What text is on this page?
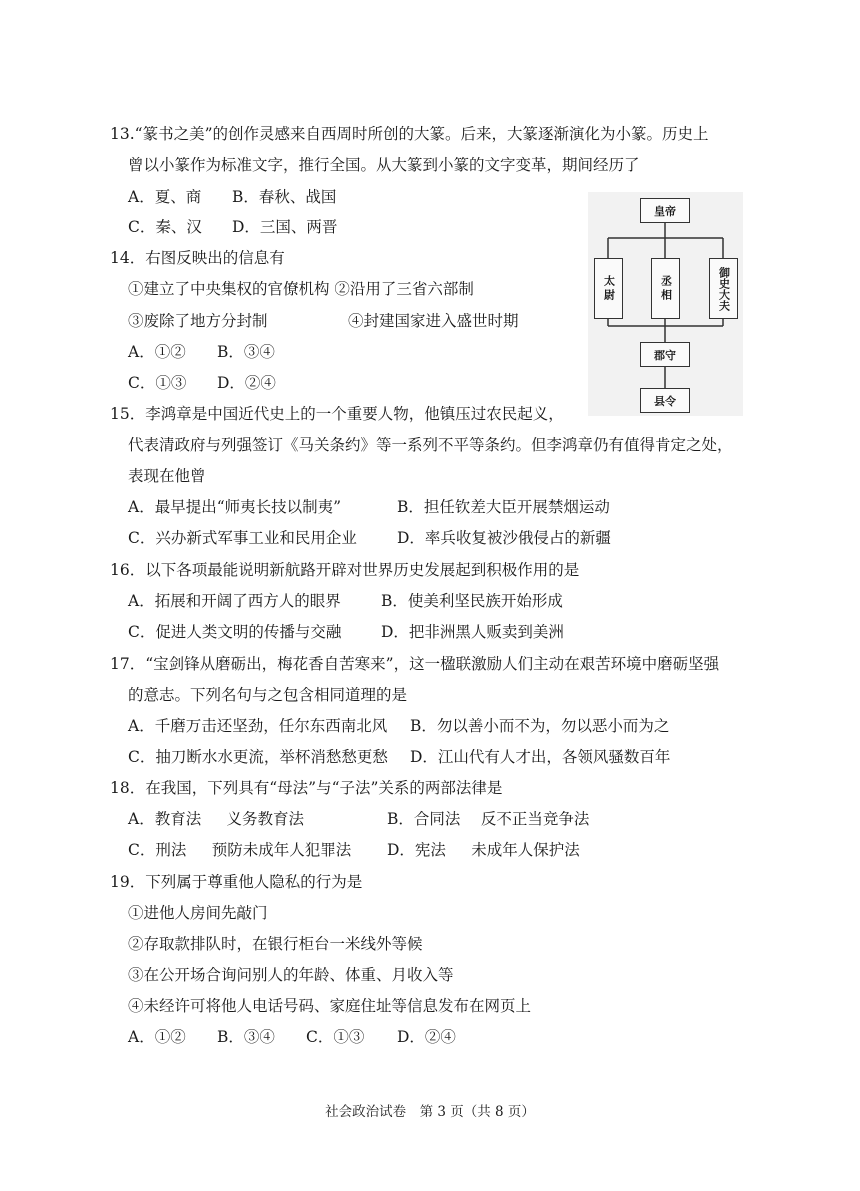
13.“篆书之美”的创作灵感来自西周时所创的大篆。后来，大篆逐渐演化为小篆。历史上
曾以小篆作为标准文字，推行全国。从大篆到小篆的文字变革，期间经历了
A．夏、商 B．春秋、战国
C．秦、汉 D．三国、两晋
14．右图反映出的信息有
①建立了中央集权的官僚机构 ②沿用了三省六部制
③废除了地方分封制	④封建国家进入盛世时期
A．①② B．③④
C．①③ D．②④
皇帝
太尉	丞相	御史大夫
郡守
县令
15．李鸿章是中国近代史上的一个重要人物，他镇压过农民起义，
代表清政府与列强签订《马关条约》等一系列不平等条约。但李鸿章仍有值得肯定之处，
表现在他曾
A．最早提出“师夷长技以制夷”	B．担任钦差大臣开展禁烟运动
C．兴办新式军事工业和民用企业	D．率兵收复被沙俄侵占的新疆
16．以下各项最能说明新航路开辟对世界历史发展起到积极作用的是
A．拓展和开阔了西方人的眼界	B．使美利坚民族开始形成
C．促进人类文明的传播与交融	D．把非洲黑人贩卖到美洲
17．“宝剑锋从磨砺出，梅花香自苦寒来”，这一楹联激励人们主动在艰苦环境中磨砺坚强
的意志。下列名句与之包含相同道理的是
A．千磨万击还坚劲，任尔东西南北风 B．勿以善小而不为，勿以恶小而为之
C．抽刀断水水更流，举杯消愁愁更愁 D．江山代有人才出，各领风骚数百年
18．在我国，下列具有“母法”与“子法”关系的两部法律是
A．教育法　  义务教育法	B．合同法　 反不正当竞争法
C．刑法　  预防未成年人犯罪法 D．宪法　  未成年人保护法
19．下列属于尊重他人隐私的行为是
①进他人房间先敲门
②存取款排队时，在银行柜台一米线外等候
③在公开场合询问别人的年龄、体重、月收入等
④未经许可将他人电话号码、家庭住址等信息发布在网页上
A．①② B．③④ C．①③ D．②④
社会政治试卷　第 3 页（共 8 页）
